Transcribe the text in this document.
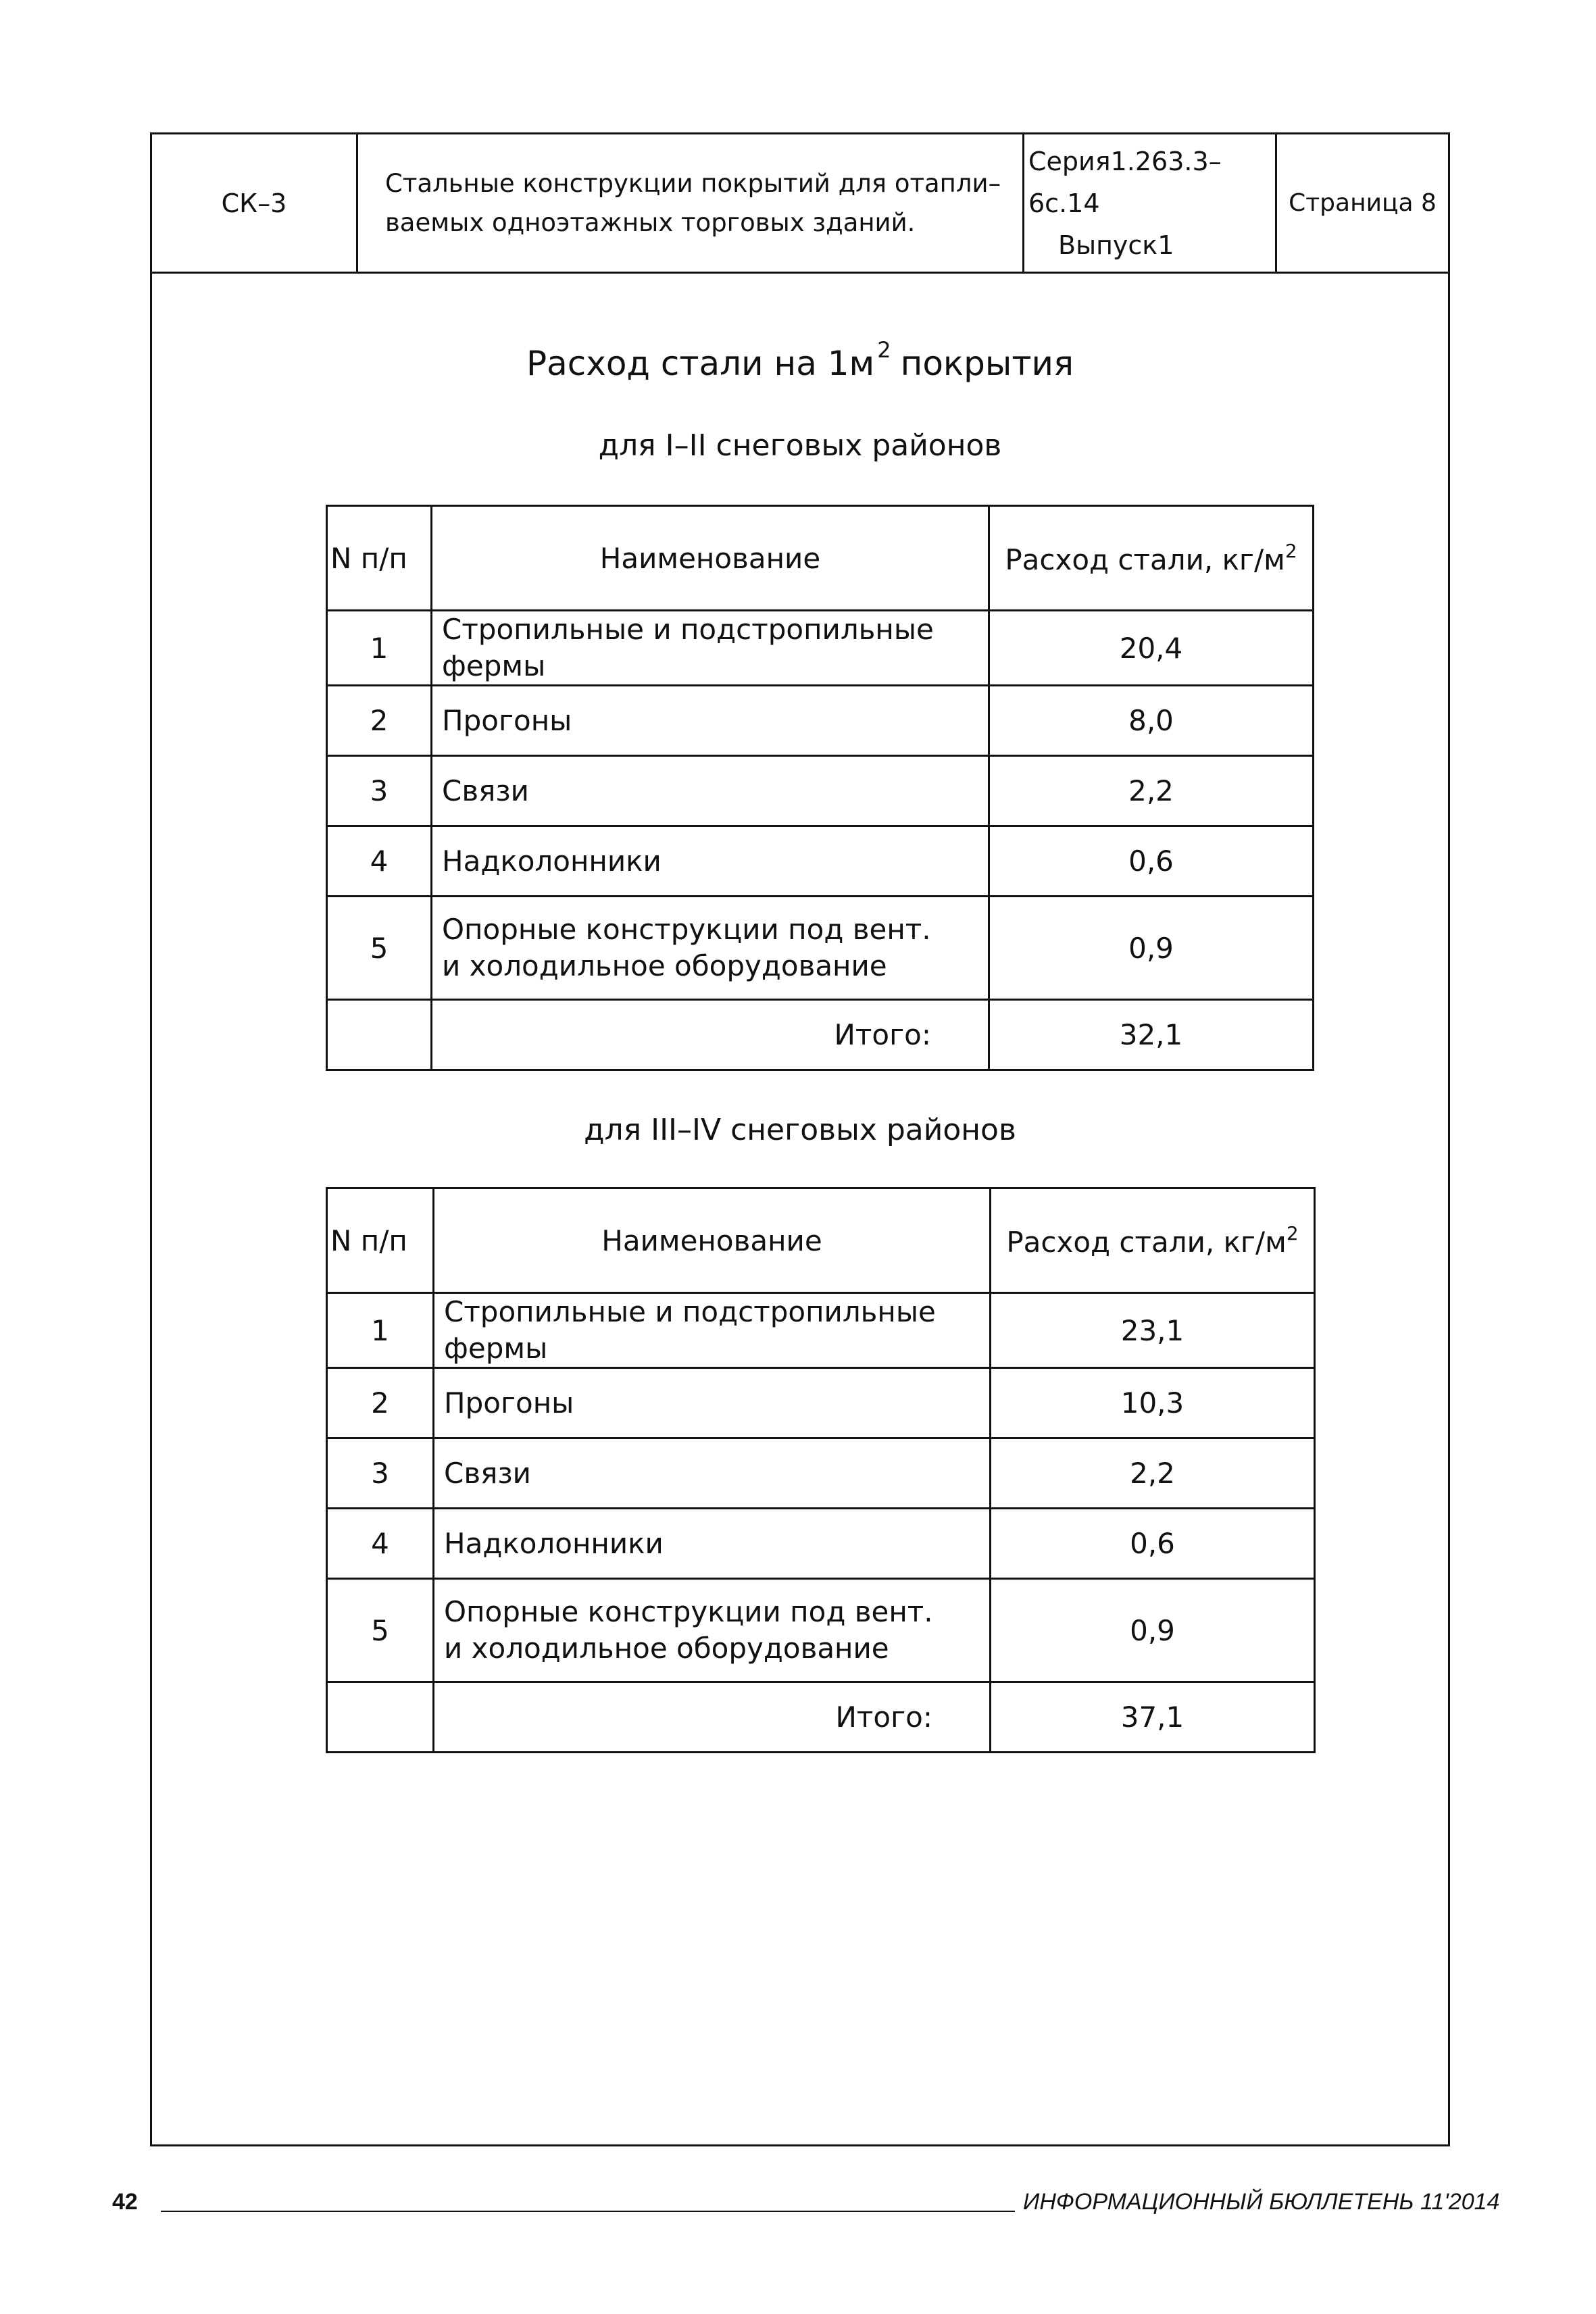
СК–3
Стальные конструкции покрытий для отапли–
ваемых одноэтажных торговых зданий.
Серия1.263.3–6с.14
Выпуск1
Страница 8
Расход стали на 1м $^2$ покрытия
для I–II снеговых районов
N п/п	Наименование	Расход стали, $кг/м^2$
1	Стропильные и подстропильные фермы	20,4
2	Прогоны	8,0
3	Связи	2,2
4	Надколонники	0,6
5	Опорные конструкции под вент.
и холодильное оборудование	0,9
	Итого:	32,1
для III–IV снеговых районов
N п/п	Наименование	Расход стали, $кг/м^2$
1	Стропильные и подстропильные фермы	23,1
2	Прогоны	10,3
3	Связи	2,2
4	Надколонники	0,6
5	Опорные конструкции под вент.
и холодильное оборудование	0,9
	Итого:	37,1
42	ИНФОРМАЦИОННЫЙ БЮЛЛЕТЕНЬ 11'2014
